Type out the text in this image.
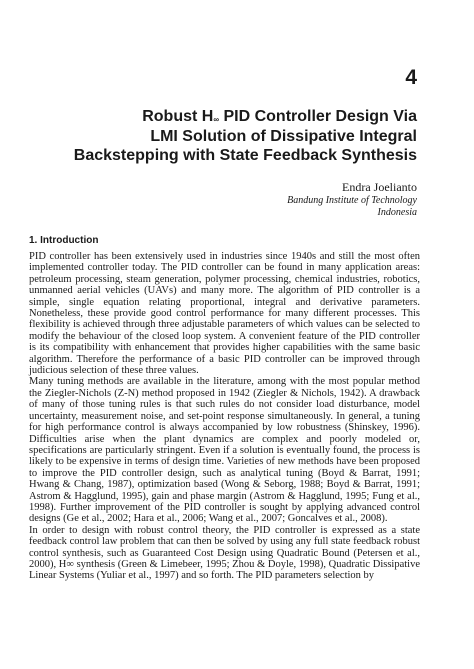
4
Robust $H_\infty$ PID Controller Design Via
LMI Solution of Dissipative Integral
Backstepping with State Feedback Synthesis
Endra Joelianto
Bandung Institute of Technology
Indonesia
1. Introduction

PID controller has been extensively used in industries since 1940s and still the most often implemented controller today. The PID controller can be found in many application areas: petroleum processing, steam generation, polymer processing, chemical industries, robotics, unmanned aerial vehicles (UAVs) and many more. The algorithm of PID controller is a simple, single equation relating proportional, integral and derivative parameters. Nonetheless, these provide good control performance for many different processes. This flexibility is achieved through three adjustable parameters of which values can be selected to modify the behaviour of the closed loop system. A convenient feature of the PID controller is its compatibility with enhancement that provides higher capabilities with the same basic algorithm. Therefore the performance of a basic PID controller can be improved through judicious selection of these three values.

Many tuning methods are available in the literature, among with the most popular method the Ziegler-Nichols (Z-N) method proposed in 1942 (Ziegler & Nichols, 1942). A drawback of many of those tuning rules is that such rules do not consider load disturbance, model uncertainty, measurement noise, and set-point response simultaneously. In general, a tuning for high performance control is always accompanied by low robustness (Shinskey, 1996). Difficulties arise when the plant dynamics are complex and poorly modeled or, specifications are particularly stringent. Even if a solution is eventually found, the process is likely to be expensive in terms of design time. Varieties of new methods have been proposed to improve the PID controller design, such as analytical tuning (Boyd & Barrat, 1991; Hwang & Chang, 1987), optimization based (Wong & Seborg, 1988; Boyd & Barrat, 1991; Astrom & Hagglund, 1995), gain and phase margin (Astrom & Hagglund, 1995; Fung et al., 1998). Further improvement of the PID controller is sought by applying advanced control designs (Ge et al., 2002; Hara et al., 2006; Wang et al., 2007; Goncalves et al., 2008).

In order to design with robust control theory, the PID controller is expressed as a state feedback control law problem that can then be solved by using any full state feedback robust control synthesis, such as Guaranteed Cost Design using Quadratic Bound (Petersen et al., 2000), H∞ synthesis (Green & Limebeer, 1995; Zhou & Doyle, 1998), Quadratic Dissipative Linear Systems (Yuliar et al., 1997) and so forth. The PID parameters selection by
